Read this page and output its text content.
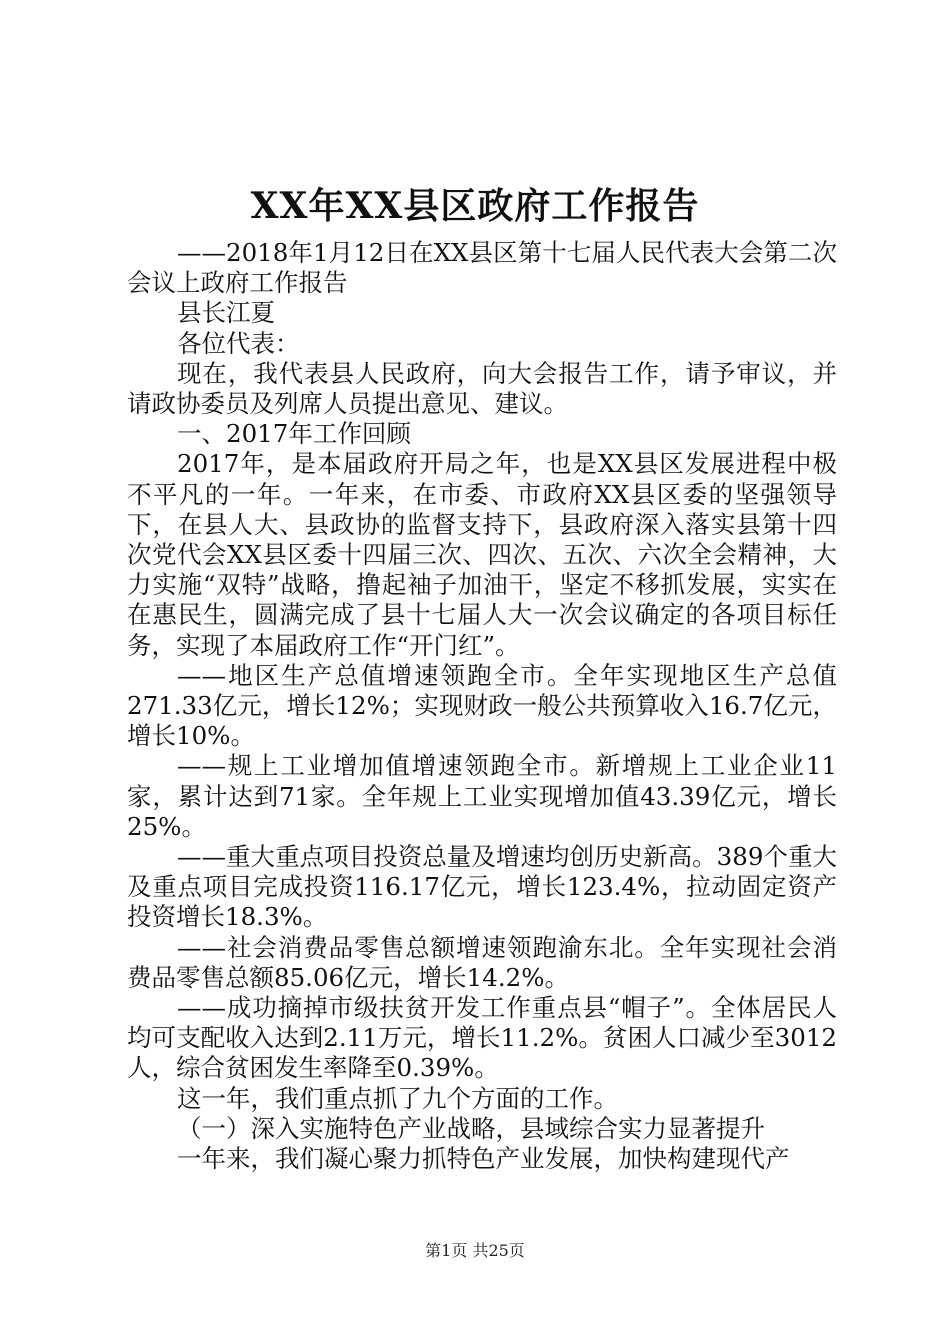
XX年XX县区政府工作报告

——2018年1月12日在XX县区第十七届人民代表大会第二次会议上政府工作报告

县长江夏

各位代表：

现在，我代表县人民政府，向大会报告工作，请予审议，并请政协委员及列席人员提出意见、建议。

一、2017年工作回顾

2017年，是本届政府开局之年，也是XX县区发展进程中极不平凡的一年。一年来，在市委、市政府XX县区委的坚强领导下，在县人大、县政协的监督支持下，县政府深入落实县第十四次党代会XX县区委十四届三次、四次、五次、六次全会精神，大力实施“双特”战略，撸起袖子加油干，坚定不移抓发展，实实在在惠民生，圆满完成了县十七届人大一次会议确定的各项目标任务，实现了本届政府工作“开门红”。

——地区生产总值增速领跑全市。全年实现地区生产总值271.33亿元，增长12%；实现财政一般公共预算收入16.7亿元，增长10%。

——规上工业增加值增速领跑全市。新增规上工业企业11家，累计达到71家。全年规上工业实现增加值43.39亿元，增长25%。

——重大重点项目投资总量及增速均创历史新高。389个重大及重点项目完成投资116.17亿元，增长123.4%，拉动固定资产投资增长18.3%。

——社会消费品零售总额增速领跑渝东北。全年实现社会消费品零售总额85.06亿元，增长14.2%。

——成功摘掉市级扶贫开发工作重点县“帽子”。全体居民人均可支配收入达到2.11万元，增长11.2%。贫困人口减少至3012人，综合贫困发生率降至0.39%。

这一年，我们重点抓了九个方面的工作。

（一）深入实施特色产业战略，县域综合实力显著提升

一年来，我们凝心聚力抓特色产业发展，加快构建现代产

第1页 共25页
